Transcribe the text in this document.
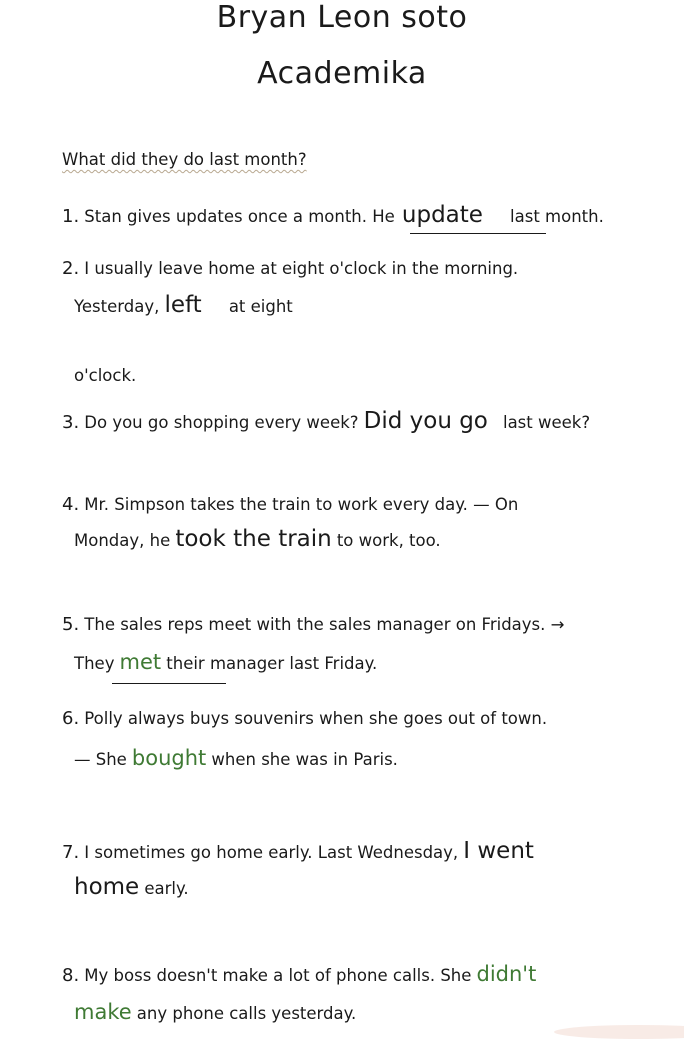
Bryan Leon soto
Academika
What did they do last month?
1. Stan gives updates once a month. He update last month.
2. I usually leave home at eight o'clock in the morning.
Yesterday, left at eight
o'clock.
3. Do you go shopping every week? Did you go last week?
4. Mr. Simpson takes the train to work every day. — On
Monday, he took the train to work, too.
5. The sales reps meet with the sales manager on Fridays. →
They met their manager last Friday.
6. Polly always buys souvenirs when she goes out of town.
— She bought when she was in Paris.
7. I sometimes go home early. Last Wednesday, I went
home early.
8. My boss doesn't make a lot of phone calls. She didn't
make any phone calls yesterday.
